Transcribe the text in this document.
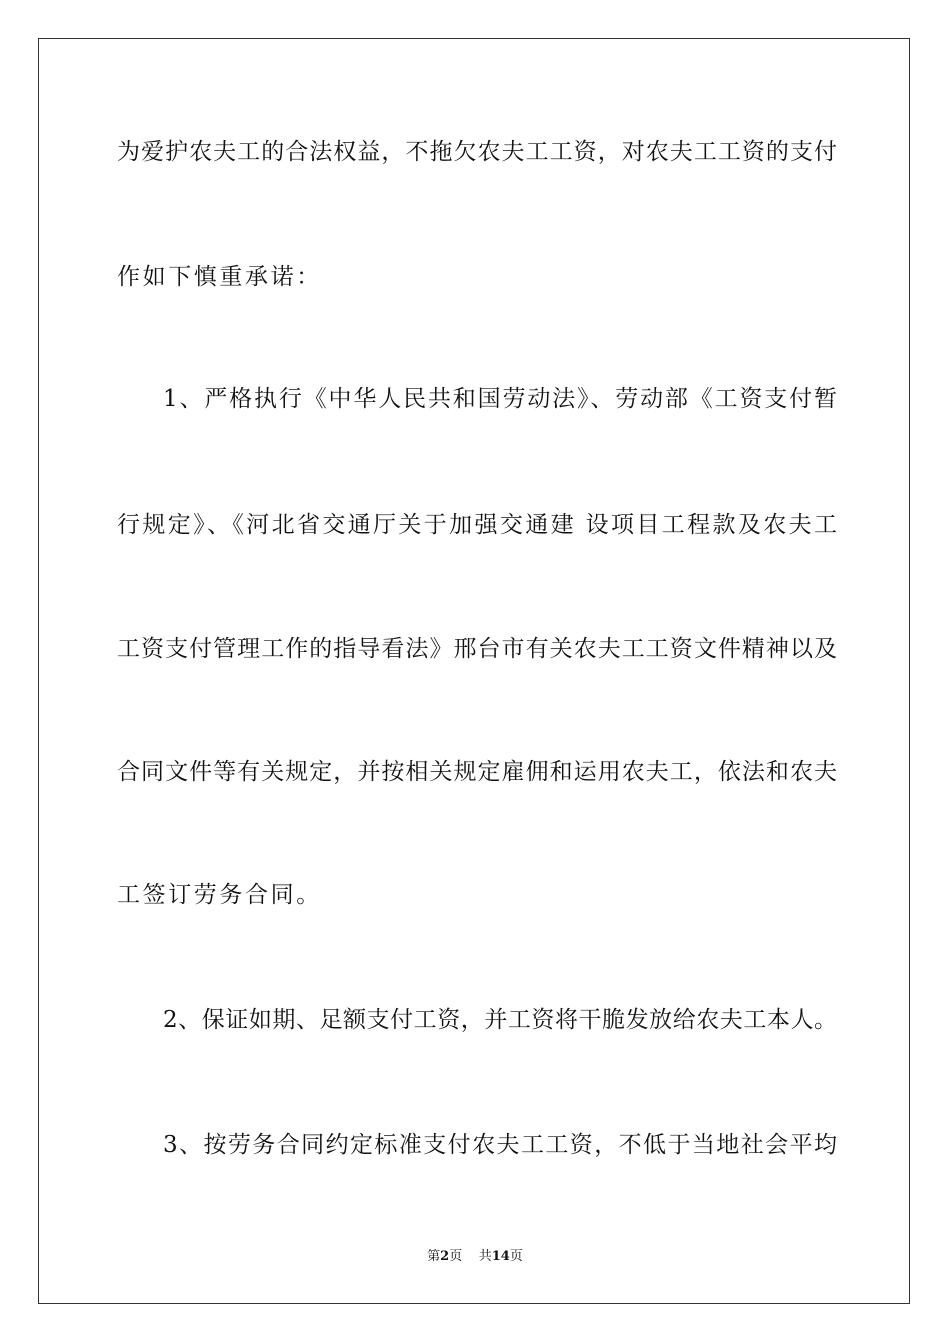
为爱护农夫工的合法权益，不拖欠农夫工工资，对农夫工工资的支付
作如下慎重承诺：
1、严格执行《中华人民共和国劳动法》、劳动部《工资支付暂
行规定》、《河北省交通厅关于加强交通建 设项目工程款及农夫工
工资支付管理工作的指导看法》邢台市有关农夫工工资文件精神以及
合同文件等有关规定，并按相关规定雇佣和运用农夫工，依法和农夫
工签订劳务合同。
2、保证如期、足额支付工资，并工资将干脆发放给农夫工本人。
3、按劳务合同约定标准支付农夫工工资，不低于当地社会平均
第2页 共14页
